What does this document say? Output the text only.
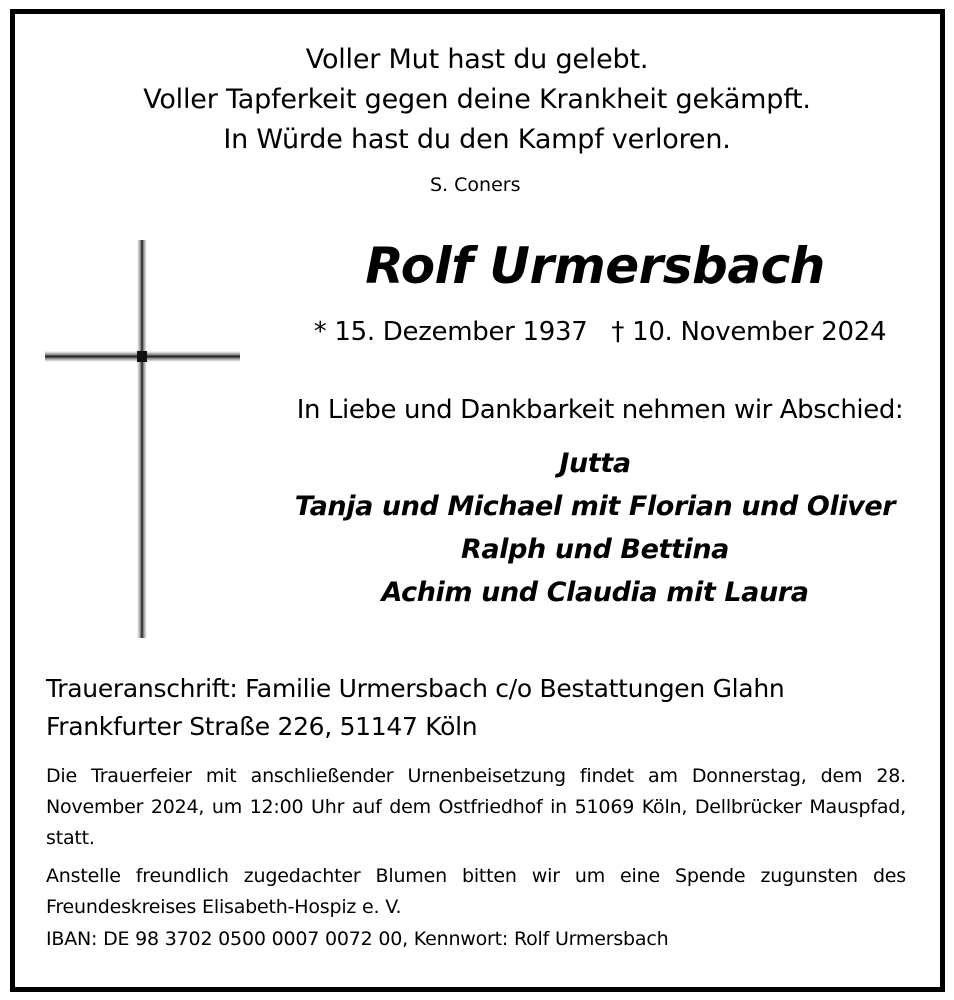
Voller Mut hast du gelebt.
Voller Tapferkeit gegen deine Krankheit gekämpft.
In Würde hast du den Kampf verloren.
S. Coners
Rolf Urmersbach
* 15. Dezember 1937 † 10. November 2024
In Liebe und Dankbarkeit nehmen wir Abschied:
Jutta
Tanja und Michael mit Florian und Oliver
Ralph und Bettina
Achim und Claudia mit Laura
Traueranschrift: Familie Urmersbach c/o Bestattungen Glahn
Frankfurter Straße 226, 51147 Köln
Die Trauerfeier mit anschließender Urnenbeisetzung findet am Donnerstag, dem 28. November 2024, um 12:00 Uhr auf dem Ostfriedhof in 51069 Köln, Dellbrücker Mauspfad, statt.
Anstelle freundlich zugedachter Blumen bitten wir um eine Spende zugunsten des Freundeskreises Elisabeth-Hospiz e. V.
IBAN: DE 98 3702 0500 0007 0072 00, Kennwort: Rolf Urmersbach
